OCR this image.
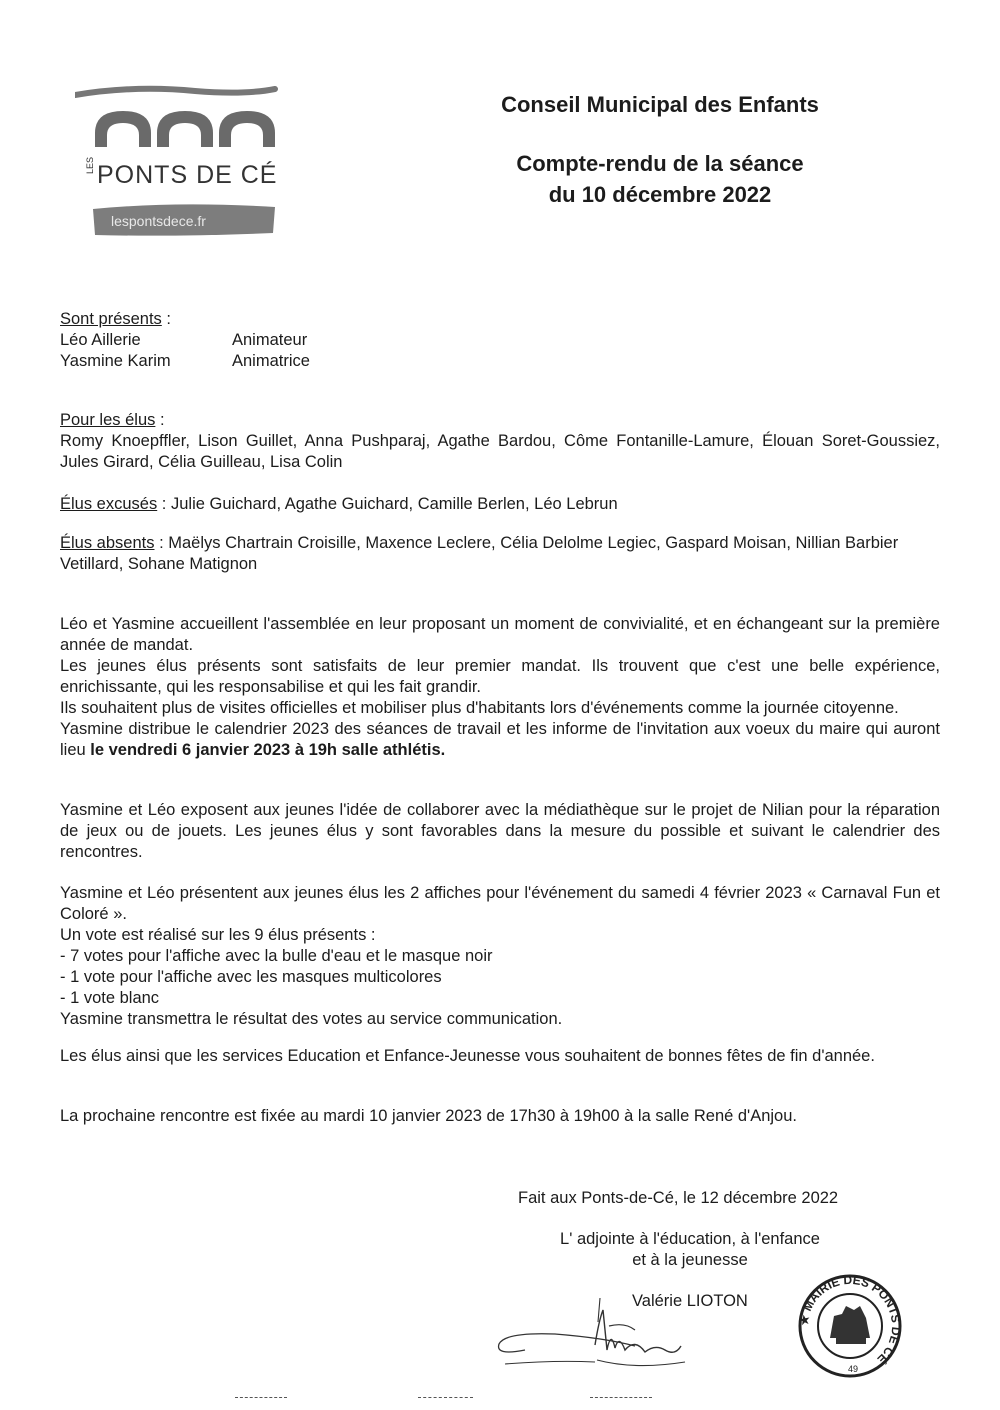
LES PONTS DE CÉ
lespontsdece.fr
Conseil Municipal des Enfants
Compte-rendu de la séance
du 10 décembre 2022
Sont présents :
Léo Aillerie	Animateur
Yasmine Karim	Animatrice
Pour les élus :
Romy Knoepffler, Lison Guillet, Anna Pushparaj, Agathe Bardou, Côme Fontanille-Lamure, Élouan Soret-Goussiez, Jules Girard, Célia Guilleau, Lisa Colin
Élus excusés : Julie Guichard, Agathe Guichard, Camille Berlen, Léo Lebrun
Élus absents : Maëlys Chartrain Croisille, Maxence Leclere, Célia Delolme Legiec, Gaspard Moisan, Nillian Barbier Vetillard, Sohane Matignon
Léo et Yasmine accueillent l'assemblée en leur proposant un moment de convivialité, et en échangeant sur la première année de mandat.
Les jeunes élus présents sont satisfaits de leur premier mandat. Ils trouvent que c'est une belle expérience, enrichissante, qui les responsabilise et qui les fait grandir.
Ils souhaitent plus de visites officielles et mobiliser plus d'habitants lors d'événements comme la journée citoyenne.
Yasmine distribue le calendrier 2023 des séances de travail et les informe de l'invitation aux voeux du maire qui auront lieu le vendredi 6 janvier 2023 à 19h salle athlétis.
Yasmine et Léo exposent aux jeunes l'idée de collaborer avec la médiathèque sur le projet de Nilian pour la réparation de jeux ou de jouets. Les jeunes élus y sont favorables dans la mesure du possible et suivant le calendrier des rencontres.
Yasmine et Léo présentent aux jeunes élus les 2 affiches pour l'événement du samedi 4 février 2023 « Carnaval Fun et Coloré ».
Un vote est réalisé sur les 9 élus présents :
- 7 votes pour l'affiche avec la bulle d'eau et le masque noir
- 1 vote pour l'affiche avec les masques multicolores
- 1 vote blanc
Yasmine transmettra le résultat des votes au service communication.
Les élus ainsi que les services Education et Enfance-Jeunesse vous souhaitent de bonnes fêtes de fin d'année.
La prochaine rencontre est fixée au mardi 10 janvier 2023 de 17h30 à 19h00 à la salle René d'Anjou.
Fait aux Ponts-de-Cé, le 12 décembre 2022
L' adjointe à l'éducation, à l'enfance
et à la jeunesse
Valérie LIOTON
★ MAIRIE DES PONTS DE CÉ
49
